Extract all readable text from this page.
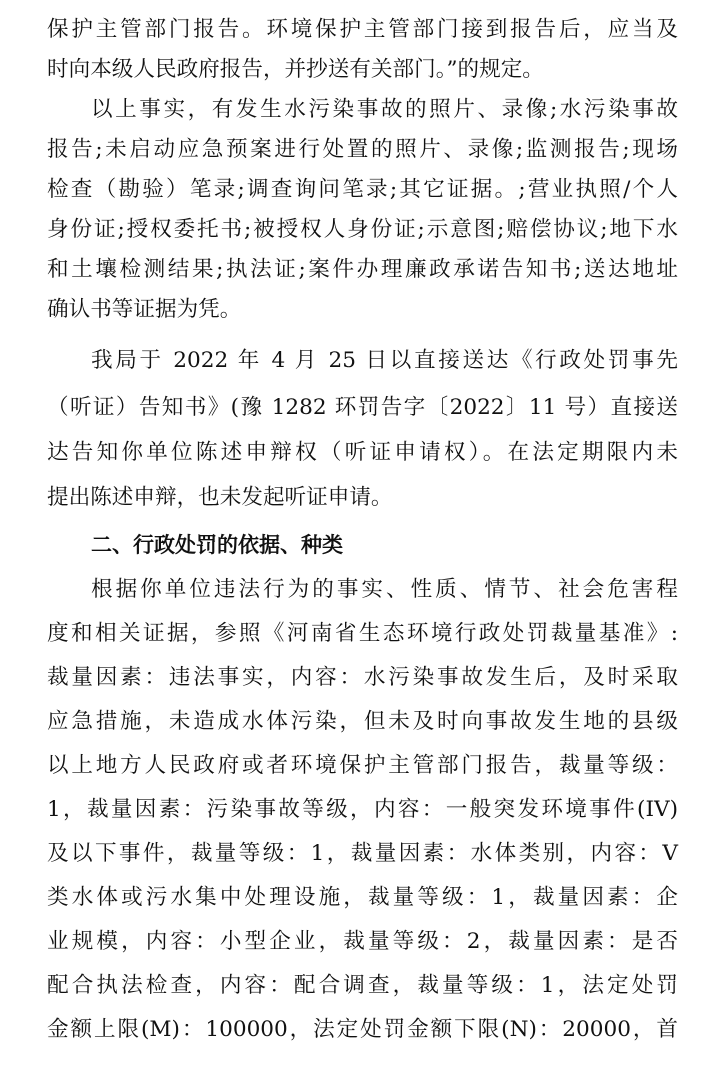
保护主管部门报告。环境保护主管部门接到报告后，应当及
时向本级人民政府报告，并抄送有关部门。”的规定。
以上事实，有发生水污染事故的照片、录像;水污染事故
报告;未启动应急预案进行处置的照片、录像;监测报告;现场
检查（勘验）笔录;调查询问笔录;其它证据。;营业执照/个人
身份证;授权委托书;被授权人身份证;示意图;赔偿协议;地下水
和土壤检测结果;执法证;案件办理廉政承诺告知书;送达地址
确认书等证据为凭。
我局于 2022 年 4 月 25 日以直接送达《行政处罚事先
（听证）告知书》(豫 1282 环罚告字〔2022〕11 号）直接送
达告知你单位陈述申辩权（听证申请权）。在法定期限内未
提出陈述申辩，也未发起听证申请。
二、行政处罚的依据、种类
根据你单位违法行为的事实、性质、情节、社会危害程
度和相关证据，参照《河南省生态环境行政处罚裁量基准》:
裁量因素：违法事实，内容：水污染事故发生后，及时采取
应急措施，未造成水体污染，但未及时向事故发生地的县级
以上地方人民政府或者环境保护主管部门报告，裁量等级：
1，裁量因素：污染事故等级，内容：一般突发环境事件(IV)
及以下事件，裁量等级：1，裁量因素：水体类别，内容：V
类水体或污水集中处理设施，裁量等级：1，裁量因素：企
业规模，内容：小型企业，裁量等级：2，裁量因素：是否
配合执法检查，内容：配合调查，裁量等级：1，法定处罚
金额上限(M)：100000，法定处罚金额下限(N)：20000，首
